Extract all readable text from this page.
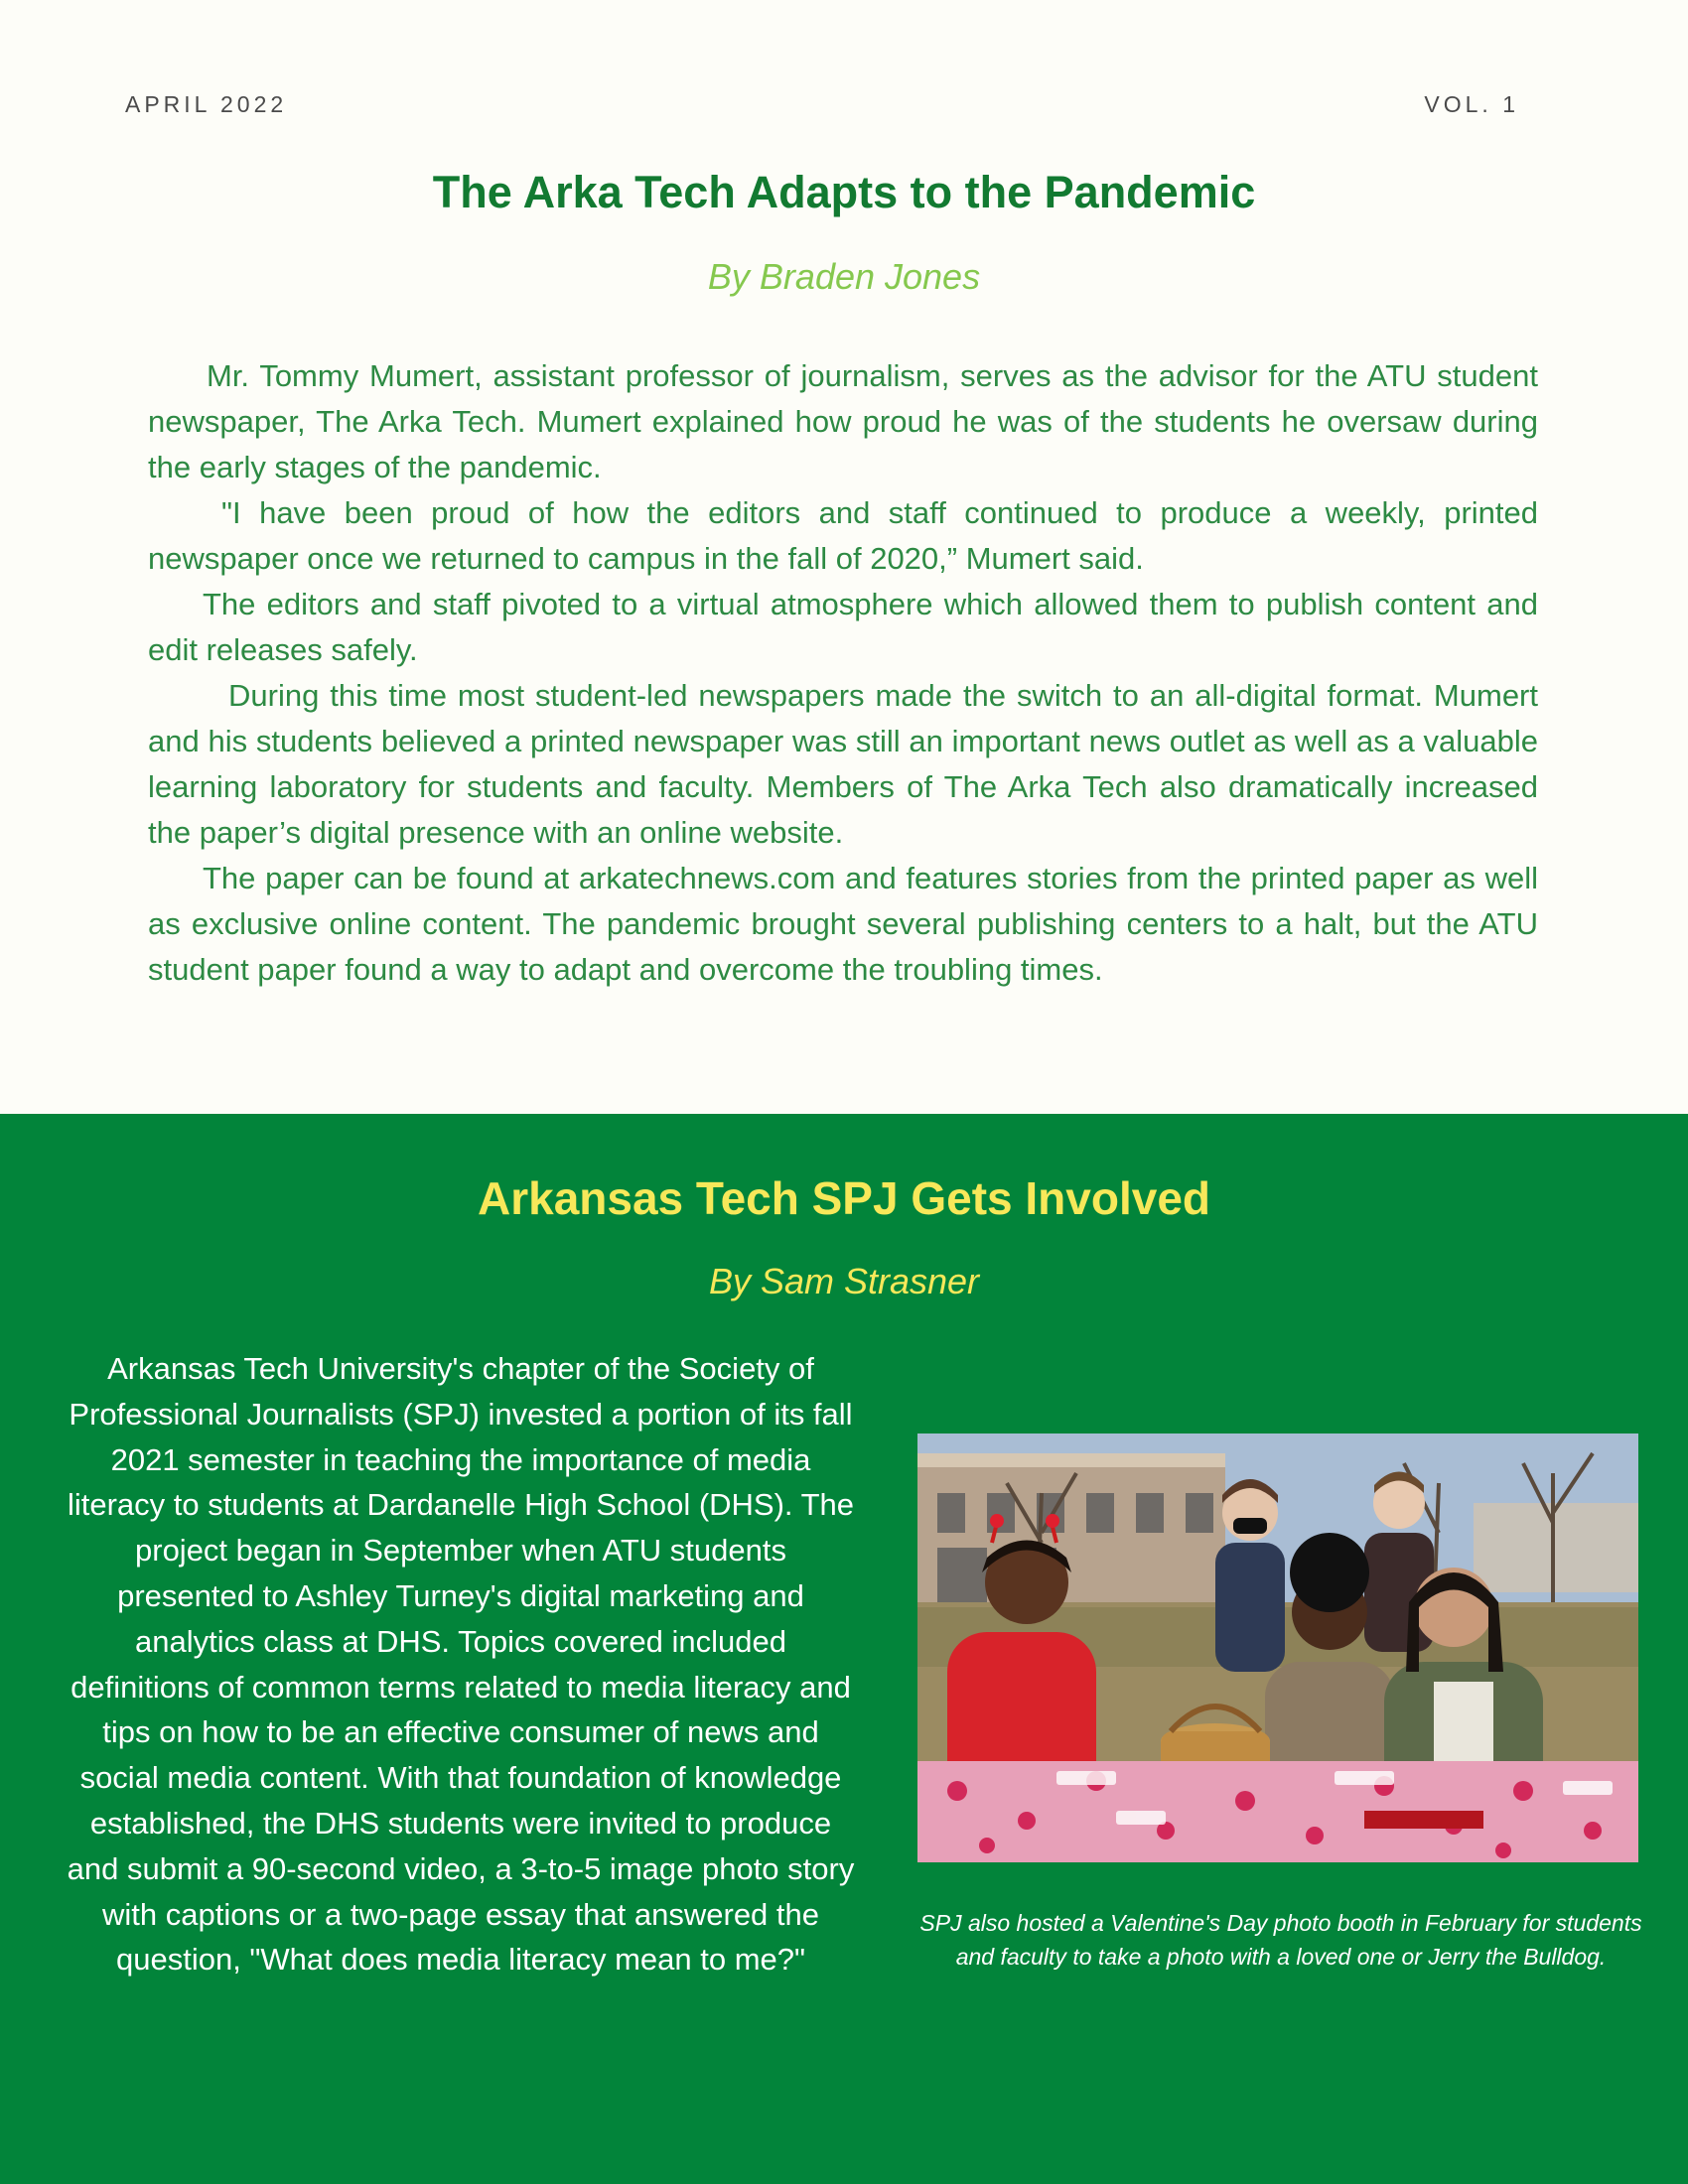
APRIL 2022	VOL. 1
The Arka Tech Adapts to the Pandemic
By Braden Jones

Mr. Tommy Mumert, assistant professor of journalism, serves as the advisor for the ATU student newspaper, The Arka Tech. Mumert explained how proud he was of the students he oversaw during the early stages of the pandemic.

"I have been proud of how the editors and staff continued to produce a weekly, printed newspaper once we returned to campus in the fall of 2020,” Mumert said.

The editors and staff pivoted to a virtual atmosphere which allowed them to publish content and edit releases safely.

During this time most student-led newspapers made the switch to an all-digital format. Mumert and his students believed a printed newspaper was still an important news outlet as well as a valuable learning laboratory for students and faculty. Members of The Arka Tech also dramatically increased the paper’s digital presence with an online website.

The paper can be found at arkatechnews.com and features stories from the printed paper as well as exclusive online content. The pandemic brought several publishing centers to a halt, but the ATU student paper found a way to adapt and overcome the troubling times.

Arkansas Tech SPJ Gets Involved
By Sam Strasner

Arkansas Tech University's chapter of the Society of Professional Journalists (SPJ) invested a portion of its fall 2021 semester in teaching the importance of media literacy to students at Dardanelle High School (DHS). The project began in September when ATU students presented to Ashley Turney's digital marketing and analytics class at DHS. Topics covered included definitions of common terms related to media literacy and tips on how to be an effective consumer of news and social media content. With that foundation of knowledge established, the DHS students were invited to produce and submit a 90-second video, a 3-to-5 image photo story with captions or a two-page essay that answered the question, "What does media literacy mean to me?"

SPJ also hosted a Valentine's Day photo booth in February for students and faculty to take a photo with a loved one or Jerry the Bulldog.
